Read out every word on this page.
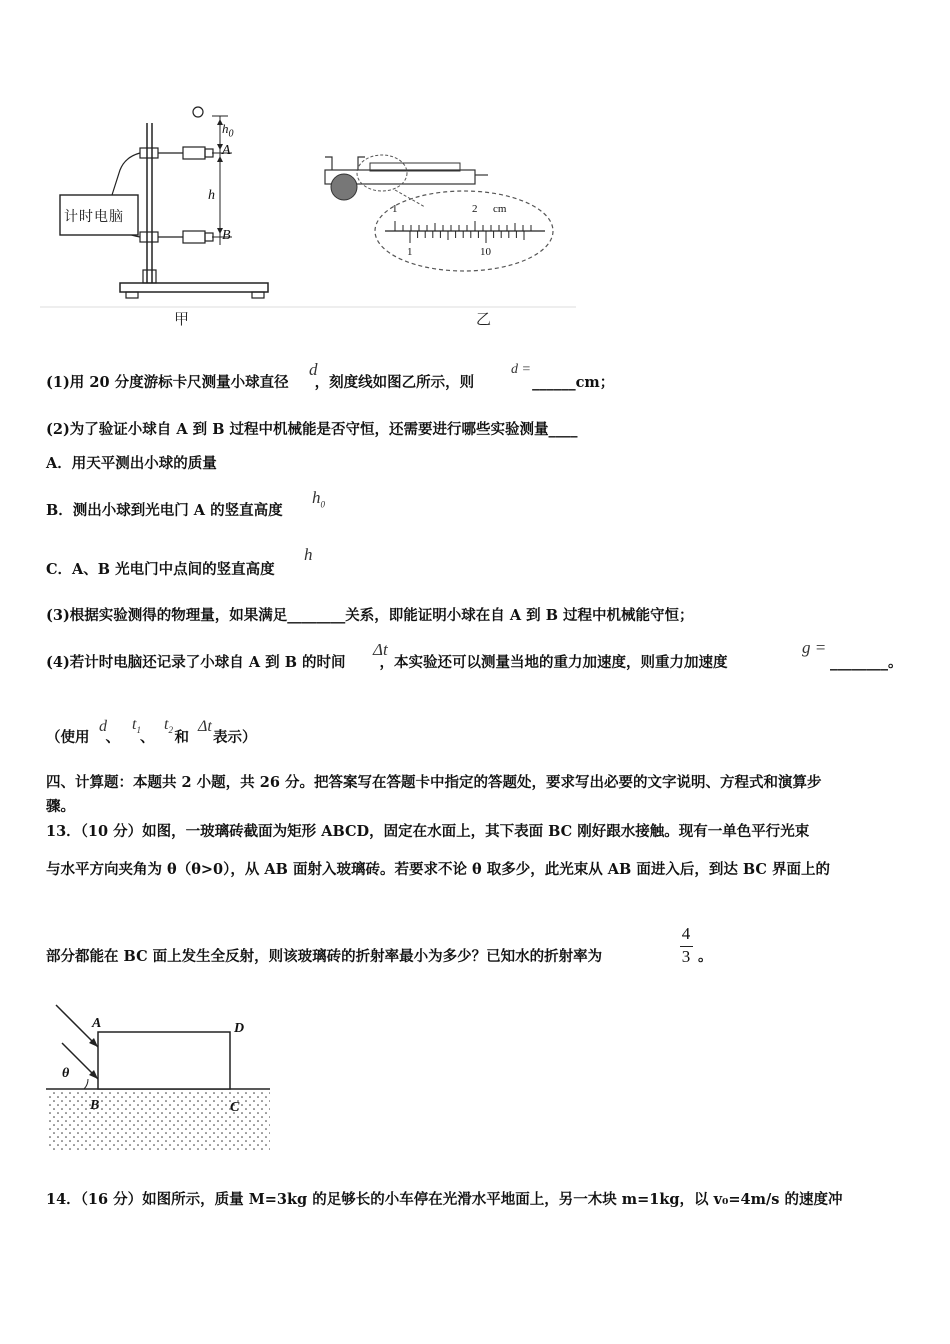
计时电脑
A
B
$h_0$
h
1	2 cm
1	10
甲	乙
(1)用 20 分度游标卡尺测量小球直径 ，刻度线如图乙所示，则	______cm；
d	d =
(2)为了验证小球自 A 到 B 过程中机械能是否守恒，还需要进行哪些实验测量____
A．用天平测出小球的质量
B．测出小球到光电门 A 的竖直高度
$h_0$
C．A、B 光电门中点间的竖直高度
h
(3)根据实验测得的物理量，如果满足________关系，即能证明小球在自 A 到 B 过程中机械能守恒；
(4)若计时电脑还记录了小球自 A 到 B 的时间 ，本实验还可以测量当地的重力加速度，则重力加速度
Δt	g =
________。
（使用 、 、 和 表示）
d $t_1$ $t_2$ Δt
四、计算题：本题共 2 小题，共 26 分。把答案写在答题卡中指定的答题处，要求写出必要的文字说明、方程式和演算步
骤。
13．（10 分）如图，一玻璃砖截面为矩形 ABCD，固定在水面上，其下表面 BC 刚好跟水接触。现有一单色平行光束
与水平方向夹角为 θ（θ>0），从 AB 面射入玻璃砖。若要求不论 θ 取多少，此光束从 AB 面进入后，到达 BC 界面上的
部分都能在 BC 面上发生全反射，则该玻璃砖的折射率最小为多少？已知水的折射率为
4
3 。
A	D
B	C
θ
14．（16 分）如图所示，质量 M=3kg 的足够长的小车停在光滑水平地面上，另一木块 m=1kg，以 v₀=4m/s 的速度冲
